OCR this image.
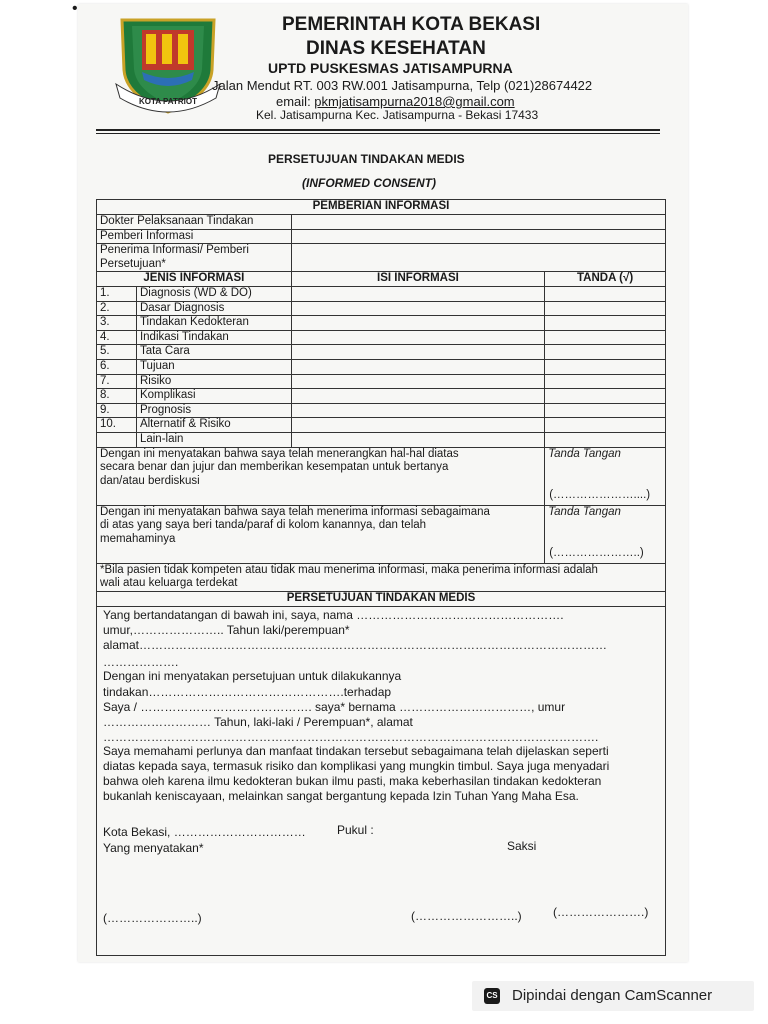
•
KOTA PATRIOT
PEMERINTAH KOTA BEKASI
DINAS KESEHATAN
UPTD PUSKESMAS JATISAMPURNA
Jalan Mendut RT. 003 RW.001 Jatisampurna, Telp (021)28674422
email: pkmjatisampurna2018@gmail.com
Kel. Jatisampurna Kec. Jatisampurna - Bekasi 17433
PERSETUJUAN TINDAKAN MEDIS
(INFORMED CONSENT)
PEMBERIAN INFORMASI			
Dokter Pelaksanaan Tindakan			
Pemberi Informasi			
Penerima Informasi/ Pemberi
Persetujuan*			
JENIS INFORMASI		ISI INFORMASI	TANDA (√)
1.	Diagnosis (WD & DO)		
2.	Dasar Diagnosis		
3.	Tindakan Kedokteran		
4.	Indikasi Tindakan		
5.	Tata Cara		
6.	Tujuan		
7.	Risiko		
8.	Komplikasi		
9.	Prognosis		
10.	Alternatif & Risiko		
	Lain-lain		
Dengan ini menyatakan bahwa saya telah menerangkan hal-hal diatas
secara benar dan jujur dan memberikan kesempatan untuk bertanya
dan/atau berdiskusi			Tanda Tangan
(…………………....)

Dengan ini menyatakan bahwa saya telah menerima informasi sebagaimana
di atas yang saya beri tanda/paraf di kolom kanannya, dan telah
memahaminya			Tanda Tangan
(…………………..)

*Bila pasien tidak kompeten atau tidak mau menerima informasi, maka penerima informasi adalah
wali atau keluarga terdekat			
PERSETUJUAN TINDAKAN MEDIS			
Yang bertandatangan di bawah ini, saya, nama …………………………………………….
umur,………………….. Tahun laki/perempuan*
alamat………………………………………………………………………………………………………
……………….
Dengan ini menyatakan persetujuan untuk dilakukannya
tindakan………………………………………….terhadap
Saya / ……………………………………. saya* bernama ……………………………, umur
……………………… Tahun, laki-laki / Perempuan*, alamat
…………………………………………………………………………………………………………….
Saya memahami perlunya dan manfaat tindakan tersebut sebagaimana telah dijelaskan seperti
diatas kepada saya, termasuk risiko dan komplikasi yang mungkin timbul. Saya juga menyadari
bahwa oleh karena ilmu kedokteran bukan ilmu pasti, maka keberhasilan tindakan kedokteran
bukanlah keniscayaan, melainkan sangat bergantung kepada Izin Tuhan Yang Maha Esa.
Kota Bekasi, ……………………………	Pukul :
Yang menyatakan*	Saksi
(…………………..)	(……………………..)	(………………….)
CS Dipindai dengan CamScanner
